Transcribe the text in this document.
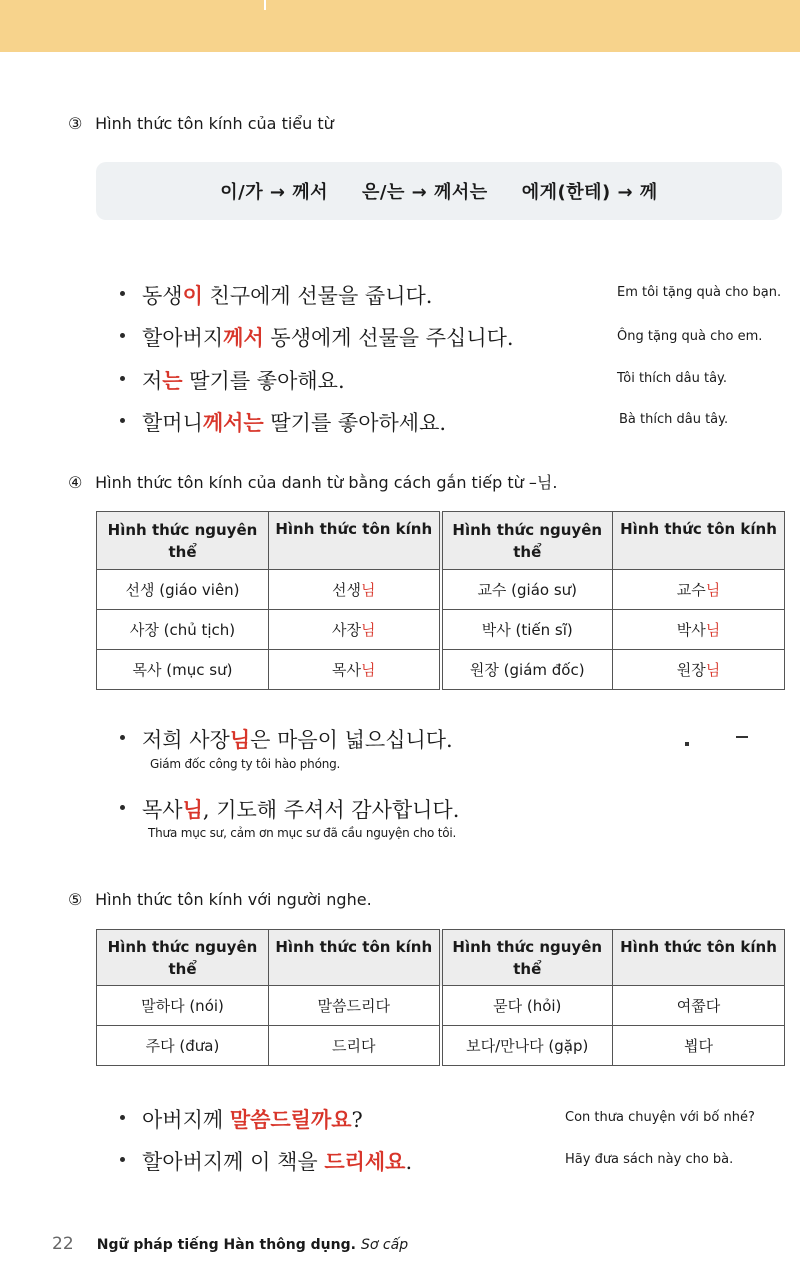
③ Hình thức tôn kính của tiểu từ
이/가 → 께서 은/는 → 께서는 에게(한테) → 께
동생이 친구에게 선물을 줍니다.	Em tôi tặng quà cho bạn.
할아버지께서 동생에게 선물을 주십니다.	Ông tặng quà cho em.
저는 딸기를 좋아해요.	Tôi thích dâu tây.
할머니께서는 딸기를 좋아하세요.	Bà thích dâu tây.
④ Hình thức tôn kính của danh từ bằng cách gắn tiếp từ –님.
Hình thức nguyên thể	Hình thức tôn kính	Hình thức nguyên thể	Hình thức tôn kính
선생 (giáo viên)	선생님	교수 (giáo sư)	교수님
사장 (chủ tịch)	사장님	박사 (tiến sĩ)	박사님
목사 (mục sư)	목사님	원장 (giám đốc)	원장님
저희 사장님은 마음이 넓으십니다.
Giám đốc công ty tôi hào phóng.
목사님, 기도해 주셔서 감사합니다.
Thưa mục sư, cảm ơn mục sư đã cầu nguyện cho tôi.
⑤ Hình thức tôn kính với người nghe.
Hình thức nguyên thể	Hình thức tôn kính	Hình thức nguyên thể	Hình thức tôn kính
말하다 (nói)	말씀드리다	묻다 (hỏi)	여쭙다
주다 (đưa)	드리다	보다/만나다 (gặp)	뵙다
아버지께 말씀드릴까요?	Con thưa chuyện với bố nhé?
할아버지께 이 책을 드리세요.	Hãy đưa sách này cho bà.
22 Ngữ pháp tiếng Hàn thông dụng. Sơ cấp
